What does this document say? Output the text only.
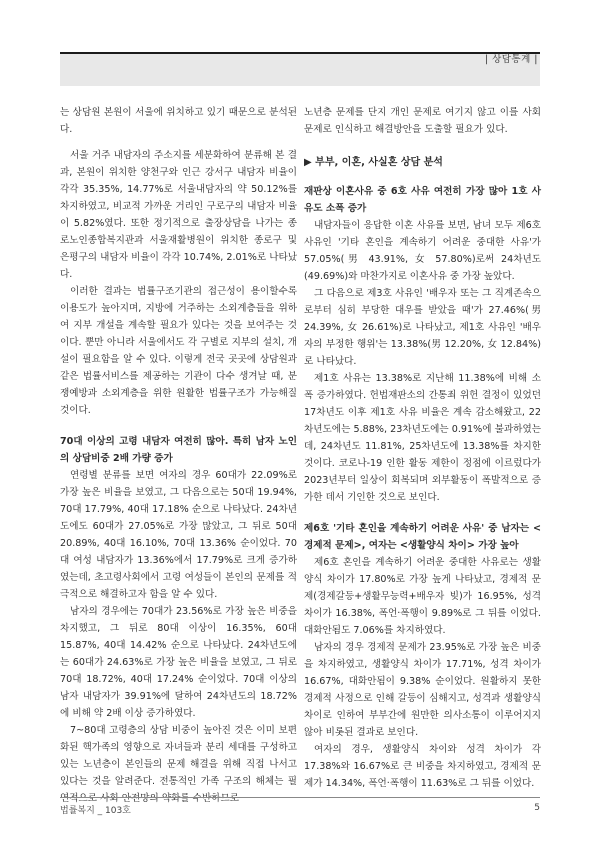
| 상담통계 |

는 상담원 본원이 서울에 위치하고 있기 때문으로 분석된다.

서울 거주 내담자의 주소지를 세분화하여 분류해 본 결과, 본원이 위치한 양천구와 인근 강서구 내담자 비율이 각각 35.35%, 14.77%로 서울내담자의 약 50.12%를 차지하였고, 비교적 가까운 거리인 구로구의 내담자 비율이 5.82%였다. 또한 정기적으로 출장상담을 나가는 종로노인종합복지관과 서울재활병원이 위치한 종로구 및 은평구의 내담자 비율이 각각 10.74%, 2.01%로 나타났다.

이러한 결과는 법률구조기관의 접근성이 용이할수록 이용도가 높아지며, 지방에 거주하는 소외계층들을 위하여 지부 개설을 계속할 필요가 있다는 것을 보여주는 것이다. 뿐만 아니라 서울에서도 각 구별로 지부의 설치, 개설이 필요함을 알 수 있다. 이렇게 전국 곳곳에 상담원과 같은 법률서비스를 제공하는 기관이 다수 생겨날 때, 분쟁예방과 소외계층을 위한 원활한 법률구조가 가능해질 것이다.

70대 이상의 고령 내담자 여전히 많아. 특히 남자 노인의 상담비중 2배 가량 증가

연령별 분류를 보면 여자의 경우 60대가 22.09%로 가장 높은 비율을 보였고, 그 다음으로는 50대 19.94%, 70대 17.79%, 40대 17.18% 순으로 나타났다. 24차년도에도 60대가 27.05%로 가장 많았고, 그 뒤로 50대 20.89%, 40대 16.10%, 70대 13.36% 순이었다. 70대 여성 내담자가 13.36%에서 17.79%로 크게 증가하였는데, 초고령사회에서 고령 여성들이 본인의 문제를 적극적으로 해결하고자 함을 알 수 있다.

남자의 경우에는 70대가 23.56%로 가장 높은 비중을 차지했고, 그 뒤로 80대 이상이 16.35%, 60대 15.87%, 40대 14.42% 순으로 나타났다. 24차년도에는 60대가 24.63%로 가장 높은 비율을 보였고, 그 뒤로 70대 18.72%, 40대 17.24% 순이었다. 70대 이상의 남자 내담자가 39.91%에 달하여 24차년도의 18.72%에 비해 약 2배 이상 증가하였다.

7~80대 고령층의 상담 비중이 높아진 것은 이미 보편화된 핵가족의 영향으로 자녀들과 분리 세대를 구성하고 있는 노년층이 본인들의 문제 해결을 위해 직접 나서고 있다는 것을 알려준다. 전통적인 가족 구조의 해체는 필연적으로 사회 안전망의 약화를 수반하므로

노년층 문제를 단지 개인 문제로 여기지 않고 이를 사회문제로 인식하고 해결방안을 도출할 필요가 있다.

▶ 부부, 이혼, 사실혼 상담 분석
재판상 이혼사유 중 6호 사유 여전히 가장 많아 1호 사유도 소폭 증가

내담자들이 응답한 이혼 사유를 보면, 남녀 모두 제6호 사유인 '기타 혼인을 계속하기 어려운 중대한 사유'가 57.05%(男 43.91%, 女 57.80%)로써 24차년도(49.69%)와 마찬가지로 이혼사유 중 가장 높았다.

그 다음으로 제3호 사유인 '배우자 또는 그 직계존속으로부터 심히 부당한 대우를 받았을 때'가 27.46%(男 24.39%, 女 26.61%)로 나타났고, 제1호 사유인 '배우자의 부정한 행위'는 13.38%(男 12.20%, 女 12.84%)로 나타났다.

제1호 사유는 13.38%로 지난해 11.38%에 비해 소폭 증가하였다. 헌법재판소의 간통죄 위헌 결정이 있었던 17차년도 이후 제1호 사유 비율은 계속 감소해왔고, 22차년도에는 5.88%, 23차년도에는 0.91%에 불과하였는데, 24차년도 11.81%, 25차년도에 13.38%를 차지한 것이다. 코로나-19 인한 활동 제한이 정점에 이르렀다가 2023년부터 일상이 회복되며 외부활동이 폭발적으로 증가한 데서 기인한 것으로 보인다.

제6호 '기타 혼인을 계속하기 어려운 사유' 중 남자는 <경제적 문제>, 여자는 <생활양식 차이> 가장 높아

제6호 혼인을 계속하기 어려운 중대한 사유로는 생활양식 차이가 17.80%로 가장 높게 나타났고, 경제적 문제(경제갈등+생활무능력+배우자 빚)가 16.95%, 성격 차이가 16.38%, 폭언·폭행이 9.89%로 그 뒤를 이었다. 대화안됨도 7.06%를 차지하였다.

남자의 경우 경제적 문제가 23.95%로 가장 높은 비중을 차지하였고, 생활양식 차이가 17.71%, 성격 차이가 16.67%, 대화안됨이 9.38% 순이었다. 원활하지 못한 경제적 사정으로 인해 갈등이 심해지고, 성격과 생활양식 차이로 인하여 부부간에 원만한 의사소통이 이루어지지 않아 비롯된 결과로 보인다.

여자의 경우, 생활양식 차이와 성격 차이가 각 17.38%와 16.67%로 큰 비중을 차지하였고, 경제적 문제가 14.34%, 폭언·폭행이 11.63%로 그 뒤를 이었다.

법률복지 _ 103호	5
